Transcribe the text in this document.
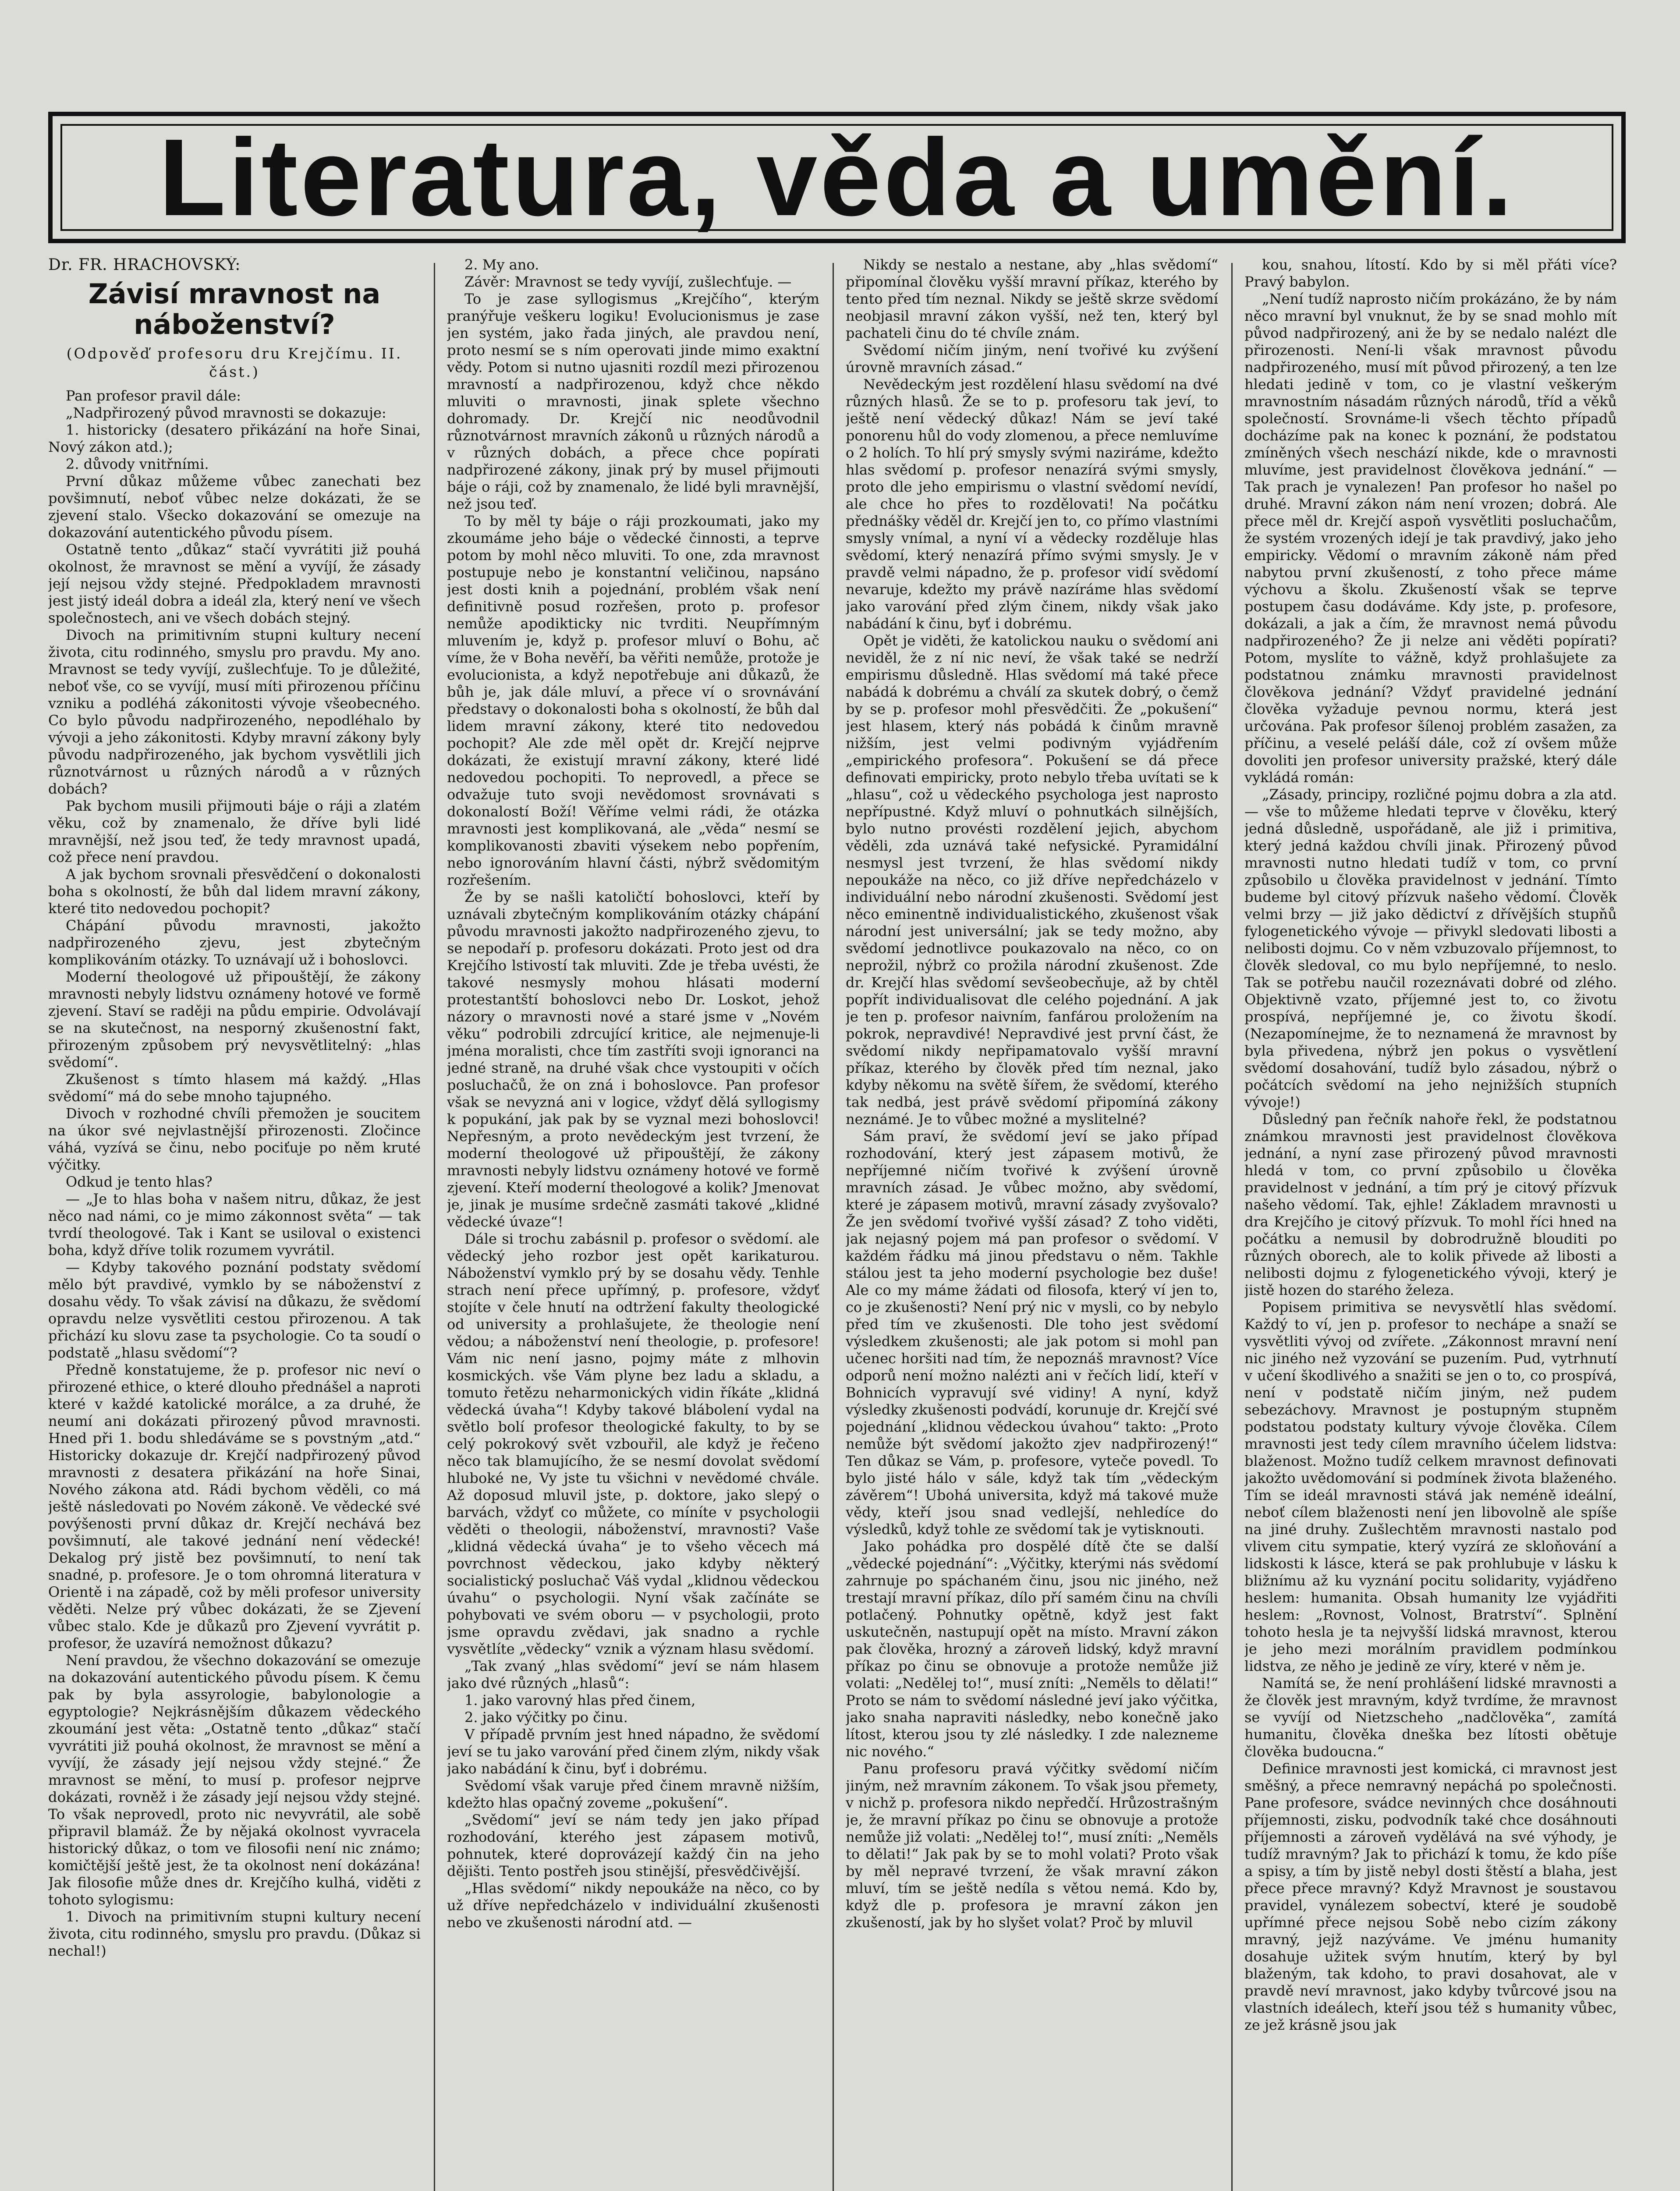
Literatura, věda a umění.
Dr. FR. HRACHOVSKÝ:
Závisí mravnost na náboženství?
(Odpověď profesoru dru Krejčímu. II. část.)

Pan profesor pravil dále:

„Nadpřirozený původ mravnosti se dokazuje:

1. historicky (desatero přikázání na hoře Sinai, Nový zákon atd.);

2. důvody vnitřními.

První důkaz můžeme vůbec zanechati bez povšimnutí, neboť vůbec nelze dokázati, že se zjevení stalo. Všecko dokazování se omezuje na dokazování autentického původu písem.

Ostatně tento „důkaz“ stačí vyvrátiti již pouhá okolnost, že mravnost se mění a vyvíjí, že zásady její nejsou vždy stejné. Předpokladem mravnosti jest jistý ideál dobra a ideál zla, který není ve všech společnostech, ani ve všech dobách stejný.

Divoch na primitivním stupni kultury necení života, citu rodinného, smyslu pro pravdu. My ano. Mravnost se tedy vyvíjí, zušlechťuje. To je důležité, neboť vše, co se vyvíjí, musí míti přirozenou příčinu vzniku a podléhá zákonitosti vývoje všeobecného. Co bylo původu nadpřirozeného, nepodléhalo by vývoji a jeho zákonitosti. Kdyby mravní zákony byly původu nadpřirozeného, jak bychom vysvětlili jich různotvárnost u různých národů a v různých dobách?

Pak bychom musili přijmouti báje o ráji a zlatém věku, což by znamenalo, že dříve byli lidé mravnější, než jsou teď, že tedy mravnost upadá, což přece není pravdou.

A jak bychom srovnali přesvědčení o dokonalosti boha s okolností, že bůh dal lidem mravní zákony, které tito nedovedou pochopit?

Chápání původu mravnosti, jakožto nadpřirozeného zjevu, jest zbytečným komplikováním otázky. To uznávají už i bohoslovci.

Moderní theologové už připouštějí, že zákony mravnosti nebyly lidstvu oznámeny hotové ve formě zjevení. Staví se raději na půdu empirie. Odvolávají se na skutečnost, na nesporný zkušenostní fakt, přirozeným způsobem prý nevysvětlitelný: „hlas svědomí“.

Zkušenost s tímto hlasem má každý. „Hlas svědomí“ má do sebe mnoho tajupného.

Divoch v rozhodné chvíli přemožen je soucitem na úkor své nejvlastnější přirozenosti. Zločince váhá, vyzívá se činu, nebo pociťuje po něm kruté výčitky.

Odkud je tento hlas?

— „Je to hlas boha v našem nitru, důkaz, že jest něco nad námi, co je mimo zákonnost světa“ — tak tvrdí theologové. Tak i Kant se usiloval o existenci boha, když dříve tolik rozumem vyvrátil.

— Kdyby takového poznání podstaty svědomí mělo být pravdivé, vymklo by se náboženství z dosahu vědy. To však závisí na důkazu, že svědomí opravdu nelze vysvětliti cestou přirozenou. A tak přichází ku slovu zase ta psychologie. Co ta soudí o podstatě „hlasu svědomí“?

Předně konstatujeme, že p. profesor nic neví o přirozené ethice, o které dlouho přednášel a naproti které v každé katolické morálce, a za druhé, že neumí ani dokázati přirozený původ mravnosti. Hned při 1. bodu shledáváme se s povstným „atd.“ Historicky dokazuje dr. Krejčí nadpřirozený původ mravnosti z desatera přikázání na hoře Sinai, Nového zákona atd. Rádi bychom věděli, co má ještě následovati po Novém zákoně. Ve vědecké své povýšenosti první důkaz dr. Krejčí nechává bez povšimnutí, ale takové jednání není vědecké! Dekalog prý jistě bez povšimnutí, to není tak snadné, p. profesore. Je o tom ohromná literatura v Orientě i na západě, což by měli profesor university věděti. Nelze prý vůbec dokázati, že se Zjevení vůbec stalo. Kde je důkazů pro Zjevení vyvrátit p. profesor, že uzavírá nemožnost důkazu?

Není pravdou, že všechno dokazování se omezuje na dokazování autentického původu písem. K čemu pak by byla assyrologie, babylonologie a egyptologie? Nejkrásnějším důkazem vědeckého zkoumání jest věta: „Ostatně tento „důkaz“ stačí vyvrátiti již pouhá okolnost, že mravnost se mění a vyvíjí, že zásady její nejsou vždy stejné.“ Že mravnost se mění, to musí p. profesor nejprve dokázati, rovněž i že zásady její nejsou vždy stejné. To však neprovedl, proto nic nevyvrátil, ale sobě připravil blamáž. Že by nějaká okolnost vyvracela historický důkaz, o tom ve filosofii není nic známo; komičtější ještě jest, že ta okolnost není dokázána! Jak filosofie může dnes dr. Krejčího kulhá, viděti z tohoto sylogismu:

1. Divoch na primitivním stupni kultury necení života, citu rodinného, smyslu pro pravdu. (Důkaz si nechal!)

2. My ano.

Závěr: Mravnost se tedy vyvíjí, zušlechťuje. —

To je zase syllogismus „Krejčího“, kterým pranýřuje veškeru logiku! Evolucionismus je zase jen systém, jako řada jiných, ale pravdou není, proto nesmí se s ním operovati jinde mimo exaktní vědy. Potom si nutno ujasniti rozdíl mezi přirozenou mravností a nadpřirozenou, když chce někdo mluviti o mravnosti, jinak splete všechno dohromady. Dr. Krejčí nic neodůvodnil různotvárnost mravních zákonů u různých národů a v různých dobách, a přece chce popírati nadpřirozené zákony, jinak prý by musel přijmouti báje o ráji, což by znamenalo, že lidé byli mravnější, než jsou teď.

To by měl ty báje o ráji prozkoumati, jako my zkoumáme jeho báje o vědecké činnosti, a teprve potom by mohl něco mluviti. To one, zda mravnost postupuje nebo je konstantní veličinou, napsáno jest dosti knih a pojednání, problém však není definitivně posud rozřešen, proto p. profesor nemůže apodikticky nic tvrditi. Neupřímným mluvením je, když p. profesor mluví o Bohu, ač víme, že v Boha nevěří, ba věřiti nemůže, protože je evolucionista, a když nepotřebuje ani důkazů, že bůh je, jak dále mluví, a přece ví o srovnávání představy o dokonalosti boha s okolností, že bůh dal lidem mravní zákony, které tito nedovedou pochopit? Ale zde měl opět dr. Krejčí nejprve dokázati, že existují mravní zákony, které lidé nedovedou pochopiti. To neprovedl, a přece se odvažuje tuto svoji nevědomost srovnávati s dokonalostí Boží! Věříme velmi rádi, že otázka mravnosti jest komplikovaná, ale „věda“ nesmí se komplikovanosti zbaviti výsekem nebo popřením, nebo ignorováním hlavní části, nýbrž svědomitým rozřešením.

Že by se našli katoličtí bohoslovci, kteří by uznávali zbytečným komplikováním otázky chápání původu mravnosti jakožto nadpřirozeného zjevu, to se nepodaří p. profesoru dokázati. Proto jest od dra Krejčího lstivostí tak mluviti. Zde je třeba uvésti, že takové nesmysly mohou hlásati moderní protestantští bohoslovci nebo Dr. Loskot, jehož názory o mravnosti nové a staré jsme v „Novém věku“ podrobili zdrcující kritice, ale nejmenuje-li jména moralisti, chce tím zastříti svoji ignoranci na jedné straně, na druhé však chce vystoupiti v očích posluchačů, že on zná i bohoslovce. Pan profesor však se nevyzná ani v logice, vždyť dělá syllogismy k popukání, jak pak by se vyznal mezi bohoslovci! Nepřesným, a proto nevědeckým jest tvrzení, že moderní theologové už připouštějí, že zákony mravnosti nebyly lidstvu oznámeny hotové ve formě zjevení. Kteří moderní theologové a kolik? Jmenovat je, jinak je musíme srdečně zasmáti takové „klidné vědecké úvaze“!

Dále si trochu zabásnil p. profesor o svědomí. ale vědecký jeho rozbor jest opět karikaturou. Náboženství vymklo prý by se dosahu vědy. Tenhle strach není přece upřímný, p. profesore, vždyť stojíte v čele hnutí na odtržení fakulty theologické od university a prohlašujete, že theologie není vědou; a náboženství není theologie, p. profesore! Vám nic není jasno, pojmy máte z mlhovin kosmických. vše Vám plyne bez ladu a skladu, a tomuto řetězu neharmonických vidin říkáte „klidná vědecká úvaha“! Kdyby takové blábolení vydal na světlo bolí profesor theologické fakulty, to by se celý pokrokový svět vzbouřil, ale když je řečeno něco tak blamujícího, že se nesmí dovolat svědomí hluboké ne, Vy jste tu všichni v nevědomé chvále. Až doposud mluvil jste, p. doktore, jako slepý o barvách, vždyť co můžete, co míníte v psychologii věděti o theologii, náboženství, mravnosti? Vaše „klidná vědecká úvaha“ je to všeho věcech má povrchnost vědeckou, jako kdyby některý socialistický posluchač Váš vydal „klidnou vědeckou úvahu“ o psychologii. Nyní však začínáte se pohybovati ve svém oboru — v psychologii, proto jsme opravdu zvědavi, jak snadno a rychle vysvětlíte „vědecky“ vznik a význam hlasu svědomí.

„Tak zvaný „hlas svědomí“ jeví se nám hlasem jako dvé různých „hlasů“:

1. jako varovný hlas před činem,

2. jako výčitky po činu.

V případě prvním jest hned nápadno, že svědomí jeví se tu jako varování před činem zlým, nikdy však jako nabádání k činu, byť i dobrému.

Svědomí však varuje před činem mravně nižším, kdežto hlas opačný zoveme „pokušení“.

„Svědomí“ jeví se nám tedy jen jako případ rozhodování, kterého jest zápasem motivů, pohnutek, které doprovázejí každý čin na jeho dějišti. Tento postřeh jsou stinější, přesvědčivější.

„Hlas svědomí“ nikdy nepoukáže na něco, co by už dříve nepředcházelo v individuální zkušenosti nebo ve zkušenosti národní atd. —

Nikdy se nestalo a nestane, aby „hlas svědomí“ připomínal člověku vyšší mravní příkaz, kterého by tento před tím neznal. Nikdy se ještě skrze svědomí neobjasil mravní zákon vyšší, než ten, který byl pachateli činu do té chvíle znám.

Svědomí ničím jiným, není tvořivé ku zvýšení úrovně mravních zásad.“

Nevědeckým jest rozdělení hlasu svědomí na dvé různých hlasů. Že se to p. profesoru tak jeví, to ještě není vědecký důkaz! Nám se jeví také ponorenu hůl do vody zlomenou, a přece nemluvíme o 2 holích. To hlí prý smysly svými naziráme, kdežto hlas svědomí p. profesor nenazírá svými smysly, proto dle jeho empirismu o vlastní svědomí nevídí, ale chce ho přes to rozdělovati! Na počátku přednášky věděl dr. Krejčí jen to, co přímo vlastními smysly vnímal, a nyní ví a vědecky rozděluje hlas svědomí, který nenazírá přímo svými smysly. Je v pravdě velmi nápadno, že p. profesor vidí svědomí nevaruje, kdežto my právě nazíráme hlas svědomí jako varování před zlým činem, nikdy však jako nabádání k činu, byť i dobrému.

Opět je viděti, že katolickou nauku o svědomí ani neviděl, že z ní nic neví, že však také se nedrží empirismu důsledně. Hlas svědomí má také přece nabádá k dobrému a chválí za skutek dobrý, o čemž by se p. profesor mohl přesvědčiti. Že „pokušení“ jest hlasem, který nás pobádá k činům mravně nižším, jest velmi podivným vyjádřením „empirického profesora“. Pokušení se dá přece definovati empiricky, proto nebylo třeba uvítati se k „hlasu“, což u vědeckého psychologa jest naprosto nepřípustné. Když mluví o pohnutkách silnějších, bylo nutno provésti rozdělení jejich, abychom věděli, zda uznává také nefysické. Pyramidální nesmysl jest tvrzení, že hlas svědomí nikdy nepoukáže na něco, co již dříve nepředcházelo v individuální nebo národní zkušenosti. Svědomí jest něco eminentně individualistického, zkušenost však národní jest universální; jak se tedy možno, aby svědomí jednotlivce poukazovalo na něco, co on neprožil, nýbrž co prožila národní zkušenost. Zde dr. Krejčí hlas svědomí sevšeobecňuje, až by chtěl popřít individualisovat dle celého pojednání. A jak je ten p. profesor naivním, fanfárou proložením na pokrok, nepravdivé! Nepravdivé jest první část, že svědomí nikdy nepřipamatovalo vyšší mravní příkaz, kterého by člověk před tím neznal, jako kdyby někomu na světě šířem, že svědomí, kterého tak nedbá, jest právě svědomí připomíná zákony neznámé. Je to vůbec možné a myslitelné?

Sám praví, že svědomí jeví se jako případ rozhodování, který jest zápasem motivů, že nepříjemné ničím tvořivé k zvýšení úrovně mravních zásad. Je vůbec možno, aby svědomí, které je zápasem motivů, mravní zásady zvyšovalo? Že jen svědomí tvořivé vyšší zásad? Z toho viděti, jak nejasný pojem má pan profesor o svědomí. V každém řádku má jinou představu o něm. Takhle stálou jest ta jeho moderní psychologie bez duše! Ale co my máme žádati od filosofa, který ví jen to, co je zkušenosti? Není prý nic v mysli, co by nebylo před tím ve zkušenosti. Dle toho jest svědomí výsledkem zkušenosti; ale jak potom si mohl pan učenec horšiti nad tím, že nepoznáš mravnost? Více odporů není možno nalézti ani v řečích lidí, kteří v Bohnicích vypravují své vidiny! A nyní, když výsledky zkušenosti podvádí, korunuje dr. Krejčí své pojednání „klidnou vědeckou úvahou“ takto: „Proto nemůže být svědomí jakožto zjev nadpřirozený!“ Ten důkaz se Vám, p. profesore, vyteče povedl. To bylo jisté hálo v sále, když tak tím „vědeckým závěrem“! Ubohá universita, když má takové muže vědy, kteří jsou snad vedlejší, nehledíce do výsledků, když tohle ze svědomí tak je vytisknouti.

Jako pohádka pro dospělé dítě čte se další „vědecké pojednání“: „Výčitky, kterými nás svědomí zahrnuje po spáchaném činu, jsou nic jiného, než trestají mravní příkaz, dílo pří samém činu na chvíli potlačený. Pohnutky opětně, když jest fakt uskutečněn, nastupují opět na místo. Mravní zákon pak člověka, hrozný a zároveň lidský, když mravní příkaz po činu se obnovuje a protože nemůže již volati: „Nedělej to!“, musí zníti: „Neměls to dělati!“ Proto se nám to svědomí následné jeví jako výčitka, jako snaha napraviti následky, nebo konečně jako lítost, kterou jsou ty zlé následky. I zde nalezneme nic nového.“

Panu profesoru pravá výčitky svědomí ničím jiným, než mravním zákonem. To však jsou přemety, v nichž p. profesora nikdo nepředčí. Hrůzostrašným je, že mravní příkaz po činu se obnovuje a protože nemůže již volati: „Nedělej to!“, musí zníti: „Neměls to dělati!“ Jak pak by se to mohl volati? Proto však by měl nepravé tvrzení, že však mravní zákon mluví, tím se ještě nedíla s větou nemá. Kdo by, když dle p. profesora je mravní zákon jen zkušeností, jak by ho slyšet volat? Proč by mluvil

kou, snahou, lítostí. Kdo by si měl přáti více? Pravý babylon.

„Není tudíž naprosto ničím prokázáno, že by nám něco mravní byl vnuknut, že by se snad mohlo mít původ nadpřirozený, ani že by se nedalo nalézt dle přirozenosti. Není-li však mravnost původu nadpřirozeného, musí mít původ přirozený, a ten lze hledati jedině v tom, co je vlastní veškerým mravnostním násadám různých národů, tříd a věků společností. Srovnáme-li všech těchto případů docházíme pak na konec k poznání, že podstatou zmíněných všech neschází nikde, kde o mravnosti mluvíme, jest pravidelnost člověkova jednání.“ — Tak prach je vynalezen! Pan profesor ho našel po druhé. Mravní zákon nám není vrozen; dobrá. Ale přece měl dr. Krejčí aspoň vysvětliti posluchačům, že systém vrozených idejí je tak pravdivý, jako jeho empiricky. Vědomí o mravním zákoně nám před nabytou první zkušeností, z toho přece máme výchovu a školu. Zkušeností však se teprve postupem času dodáváme. Kdy jste, p. profesore, dokázali, a jak a čím, že mravnost nemá původu nadpřirozeného? Že ji nelze ani věděti popírati? Potom, myslíte to vážně, když prohlašujete za podstatnou známku mravnosti pravidelnost člověkova jednání? Vždyť pravidelné jednání člověka vyžaduje pevnou normu, která jest určována. Pak profesor šílenoj problém zasažen, za příčinu, a veselé peláší dále, což zí ovšem může dovoliti jen profesor university pražské, který dále vykládá román:

„Zásady, principy, rozličné pojmu dobra a zla atd. — vše to můžeme hledati teprve v člověku, který jedná důsledně, uspořádaně, ale již i primitiva, který jedná každou chvíli jinak. Přirozený původ mravnosti nutno hledati tudíž v tom, co první způsobilo u člověka pravidelnost v jednání. Tímto budeme byl citový přízvuk našeho vědomí. Člověk velmi brzy — již jako dědictví z dřívějších stupňů fylogenetického vývoje — přivykl sledovati libosti a nelibosti dojmu. Co v něm vzbuzovalo příjemnost, to člověk sledoval, co mu bylo nepříjemné, to neslo. Tak se potřebu naučil rozeznávati dobré od zlého. Objektivně vzato, příjemné jest to, co životu prospívá, nepříjemné je, co životu škodí. (Nezapomínejme, že to neznamená že mravnost by byla přivedena, nýbrž jen pokus o vysvětlení svědomí dosahování, tudíž bylo zásadou, nýbrž o počátcích svědomí na jeho nejnižších stupních vývoje!)

Důsledný pan řečník nahoře řekl, že podstatnou známkou mravnosti jest pravidelnost člověkova jednání, a nyní zase přirozený původ mravnosti hledá v tom, co první způsobilo u člověka pravidelnost v jednání, a tím prý je citový přízvuk našeho vědomí. Tak, ejhle! Základem mravnosti u dra Krejčího je citový přízvuk. To mohl říci hned na počátku a nemusil by dobrodružně blouditi po různých oborech, ale to kolik přivede až libosti a nelibosti dojmu z fylogenetického vývoji, který je jistě hozen do starého železa.

Popisem primitiva se nevysvětlí hlas svědomí. Každý to ví, jen p. profesor to nechápe a snaží se vysvětliti vývoj od zvířete. „Zákonnost mravní není nic jiného než vyzování se puzením. Pud, vytrhnutí v učení škodlivého a snažiti se jen o to, co prospívá, není v podstatě ničím jiným, než pudem sebezáchovy. Mravnost je postupným stupněm podstatou podstaty kultury vývoje člověka. Cílem mravnosti jest tedy cílem mravního účelem lidstva: blaženost. Možno tudíž celkem mravnost definovati jakožto uvědomování si podmínek života blaženého. Tím se ideál mravnosti stává jak neméně ideální, neboť cílem blaženosti není jen libovolně ale spíše na jiné druhy. Zušlechtěm mravnosti nastalo pod vlivem citu sympatie, který vyzírá ze skloňování a lidskosti k lásce, která se pak prohlubuje v lásku k bližnímu až ku vyznání pocitu solidarity, vyjádřeno heslem: humanita. Obsah humanity lze vyjádřiti heslem: „Rovnost, Volnost, Bratrství“. Splnění tohoto hesla je ta nejvyšší lidská mravnost, kterou je jeho mezi morálním pravidlem podmínkou lidstva, ze něho je jedině ze víry, které v něm je.

Namítá se, že není prohlášení lidské mravnosti a že člověk jest mravným, když tvrdíme, že mravnost se vyvíjí od Nietzscheho „nadčlověka“, zamítá humanitu, člověka dneška bez lítosti obětuje člověka budoucna.“

Definice mravnosti jest komická, ci mravnost jest směšný, a přece nemravný nepáchá po společnosti. Pane profesore, svádce nevinných chce dosáhnouti příjemnosti, zisku, podvodník také chce dosáhnouti příjemnosti a zároveň vydělává na své výhody, je tudíž mravným? Jak to přichází k tomu, že kdo píše a spisy, a tím by jistě nebyl dosti štěstí a blaha, jest přece přece mravný? Když Mravnost je soustavou pravidel, vynálezem sobectví, které je soudobě upřímné přece nejsou Sobě nebo cizím zákony mravný, jejž nazýváme. Ve jménu humanity dosahuje užitek svým hnutím, který by byl blaženým, tak kdoho, to pravi dosahovat, ale v pravdě neví mravnost, jako kdyby tvůrcové jsou na vlastních ideálech, kteří jsou též s humanity vůbec, ze jež krásně jsou jak
